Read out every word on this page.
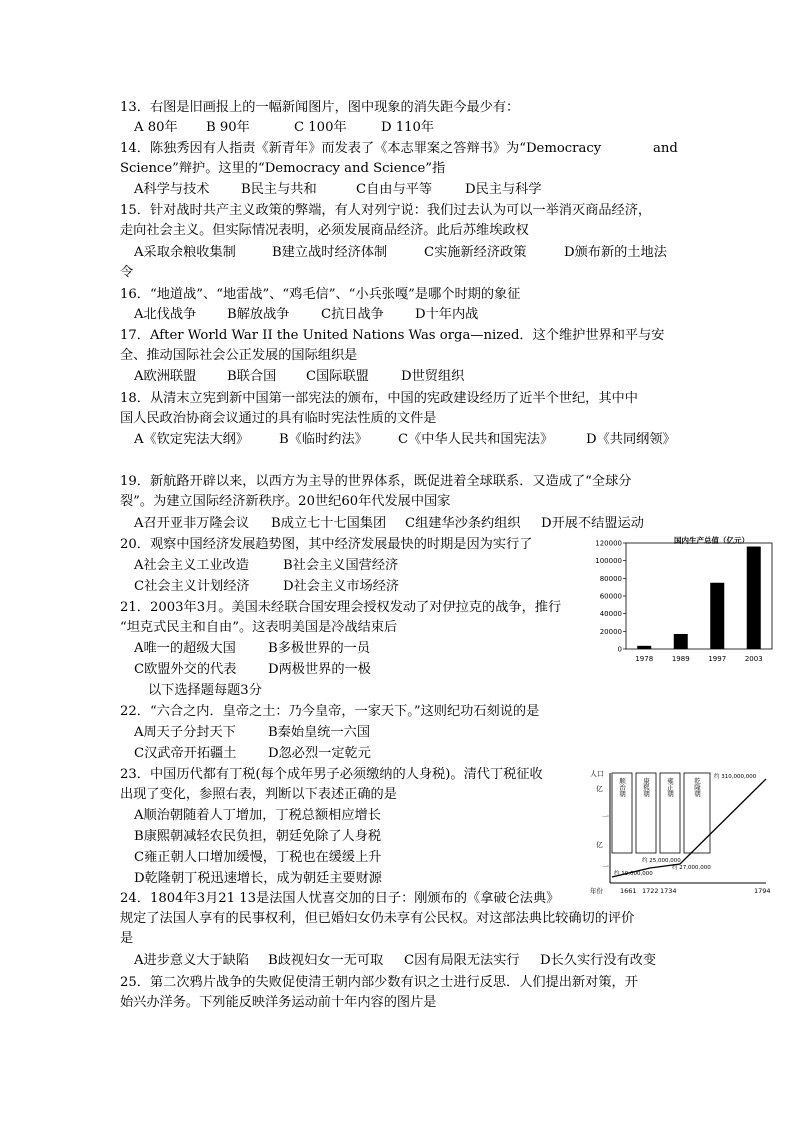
13．右图是旧画报上的一幅新闻图片，图中现象的消失距今最少有：
A 80年 B 90年	C 100年	D 110年
14．陈独秀因有人指责《新青年》而发表了《本志罪案之答辩书》为“Democracy	and
Science”辩护。这里的“Democracy and Science”指
A科学与技术 B民主与共和	C自由与平等 D民主与科学
15．针对战时共产主义政策的弊端，有人对列宁说：我们过去认为可以一举消灭商品经济，
走向社会主义。但实际情况表明，必须发展商品经济。此后苏维埃政权
A采取余粮收集制	B建立战时经济体制	C实施新经济政策	D颁布新的土地法
令
16．“地道战”、“地雷战”、“鸡毛信”、“小兵张嘎”是哪个时期的象征
A北伐战争 B解放战争 C抗日战争 D十年内战
17．After World War II the United Nations Was orga—nized．这个维护世界和平与安
全、推动国际社会公正发展的国际组织是
A欧洲联盟 B联合国 C国际联盟 D世贸组织
18．从清末立宪到新中国第一部宪法的颁布，中国的宪政建设经历了近半个世纪，其中中
国人民政治协商会议通过的具有临时宪法性质的文件是
A《钦定宪法大纲》 B《临时约法》 C《中华人民共和国宪法》 D《共同纲领》
19．新航路开辟以来，以西方为主导的世界体系，既促进着全球联系．又造成了“全球分
裂”。为建立国际经济新秩序。20世纪60年代发展中国家
A召开亚非万隆会议 B成立七十七国集团 C组建华沙条约组织 D开展不结盟运动
20．观察中国经济发展趋势图，其中经济发展最快的时期是因为实行了
A社会主义工业改造	B社会主义国营经济
C社会主义计划经济	D社会主义市场经济
21．2003年3月。美国未经联合国安理会授权发动了对伊拉克的战争，推行
“坦克式民主和自由”。这表明美国是冷战结束后
A唯一的超级大国 B多极世界的一员
C欧盟外交的代表 D两极世界的一极
以下选择题每题3分
22．“六合之内．皇帝之土：乃今皇帝，一家天下。”这则纪功石刻说的是
A周天子分封天下 B秦始皇统一六国
C汉武帝开拓疆土 D忽必烈一定乾元
23．中国历代都有丁税(每个成年男子必须缴纳的人身税)。清代丁税征收
出现了变化，参照右表，判断以下表述正确的是
A顺治朝随着人丁增加，丁税总额相应增长
B康熙朝减轻农民负担，朝廷免除了人身税
C雍正朝人口增加缓慢，丁税也在缓缓上升
D乾隆朝丁税迅速增长，成为朝廷主要财源
24．1804年3月21 13是法国人忧喜交加的日子：刚颁布的《拿破仑法典》
规定了法国人享有的民事权利，但已婚妇女仍未享有公民权。对这部法典比较确切的评价
是
A进步意义大于缺陷 B歧视妇女一无可取 C因有局限无法实行 D长久实行没有改变
25．第二次鸦片战争的失败促使清王朝内部少数有识之士进行反思．人们提出新对策，开
始兴办洋务。下列能反映洋务运动前十年内容的图片是
国内生产总值（亿元）
0
20000
40000
60000
80000
100000
120000
1978	1989	1997	2003
人口
亿
一
亿
一
顺治朝 康熙朝 雍正朝	乾隆朝
约 19,000,000
约 25,000,000
约 27,000,000
约 310,000,000
年份	1661 1722 1734	1794
